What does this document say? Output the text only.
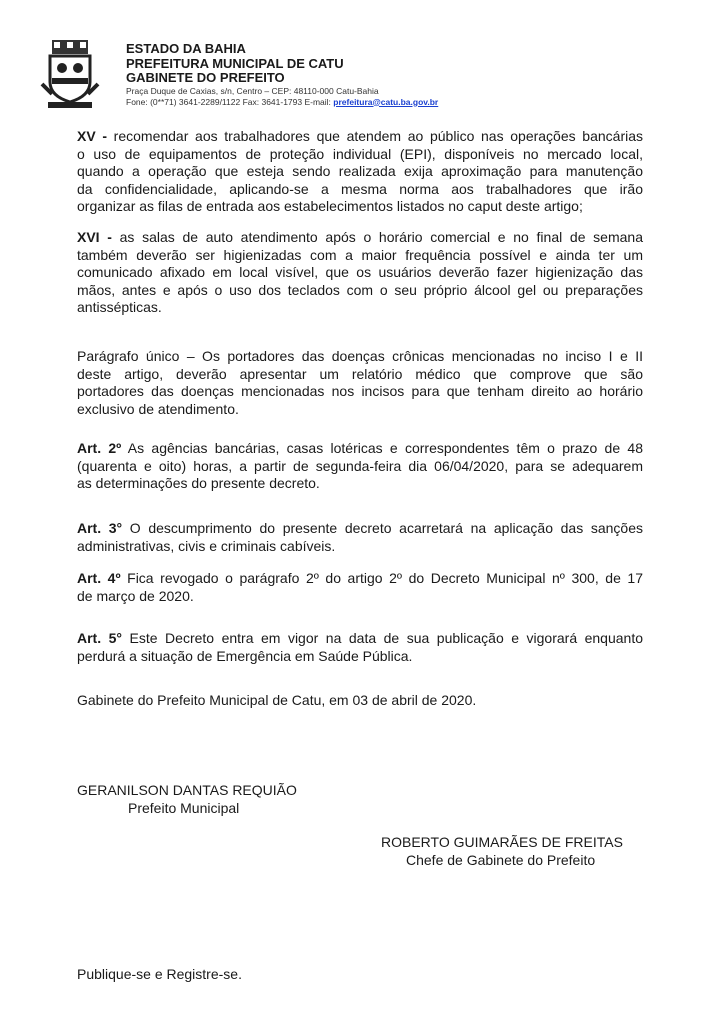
ESTADO DA BAHIA
PREFEITURA MUNICIPAL DE CATU
GABINETE DO PREFEITO
Praça Duque de Caxias, s/n, Centro – CEP: 48110-000 Catu-Bahia
Fone: (0**71) 3641-2289/1122 Fax: 3641-1793 E-mail: prefeitura@catu.ba.gov.br
XV - recomendar aos trabalhadores que atendem ao público nas operações bancárias
o uso de equipamentos de proteção individual (EPI), disponíveis no mercado local,
quando a operação que esteja sendo realizada exija aproximação para manutenção
da confidencialidade, aplicando-se a mesma norma aos trabalhadores que irão
organizar as filas de entrada aos estabelecimentos listados no caput deste artigo;
XVI - as salas de auto atendimento após o horário comercial e no final de semana
também deverão ser higienizadas com a maior frequência possível e ainda ter um
comunicado afixado em local visível, que os usuários deverão fazer higienização das
mãos, antes e após o uso dos teclados com o seu próprio álcool gel ou preparações
antissépticas.
Parágrafo único – Os portadores das doenças crônicas mencionadas no inciso I e II
deste artigo, deverão apresentar um relatório médico que comprove que são
portadores das doenças mencionadas nos incisos para que tenham direito ao horário
exclusivo de atendimento.
Art. 2º As agências bancárias, casas lotéricas e correspondentes têm o prazo de 48
(quarenta e oito) horas, a partir de segunda-feira dia 06/04/2020, para se adequarem
as determinações do presente decreto.
Art. 3° O descumprimento do presente decreto acarretará na aplicação das sanções
administrativas, civis e criminais cabíveis.
Art. 4º Fica revogado o parágrafo 2º do artigo 2º do Decreto Municipal nº 300, de 17
de março de 2020.
Art. 5° Este Decreto entra em vigor na data de sua publicação e vigorará enquanto
perdurá a situação de Emergência em Saúde Pública.
Gabinete do Prefeito Municipal de Catu, em 03 de abril de 2020.
GERANILSON DANTAS REQUIÃO
Prefeito Municipal
ROBERTO GUIMARÃES DE FREITAS
Chefe de Gabinete do Prefeito
Publique-se e Registre-se.
